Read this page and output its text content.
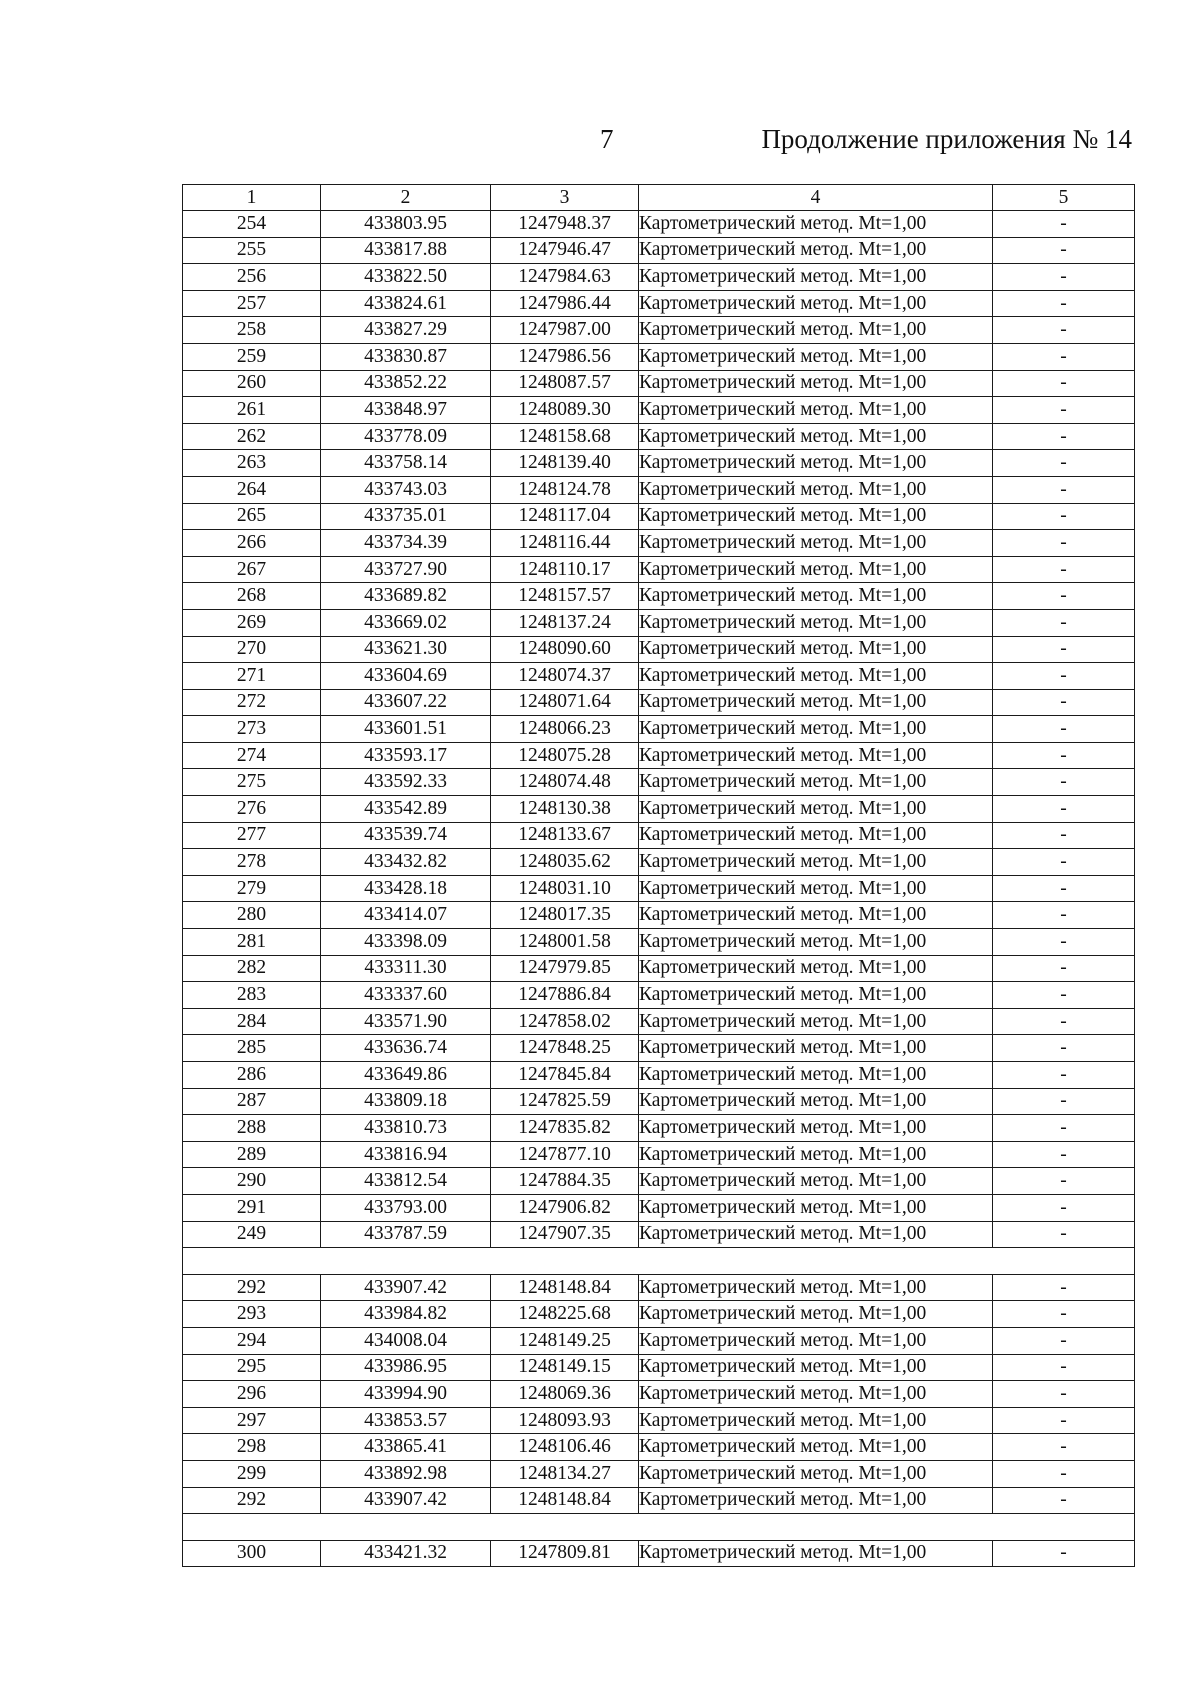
7	Продолжение приложения № 14
1	2	3	4	5
254	433803.95	1247948.37	Картометрический метод. Mt=1,00	-
255	433817.88	1247946.47	Картометрический метод. Mt=1,00	-
256	433822.50	1247984.63	Картометрический метод. Mt=1,00	-
257	433824.61	1247986.44	Картометрический метод. Mt=1,00	-
258	433827.29	1247987.00	Картометрический метод. Mt=1,00	-
259	433830.87	1247986.56	Картометрический метод. Mt=1,00	-
260	433852.22	1248087.57	Картометрический метод. Mt=1,00	-
261	433848.97	1248089.30	Картометрический метод. Mt=1,00	-
262	433778.09	1248158.68	Картометрический метод. Mt=1,00	-
263	433758.14	1248139.40	Картометрический метод. Mt=1,00	-
264	433743.03	1248124.78	Картометрический метод. Mt=1,00	-
265	433735.01	1248117.04	Картометрический метод. Mt=1,00	-
266	433734.39	1248116.44	Картометрический метод. Mt=1,00	-
267	433727.90	1248110.17	Картометрический метод. Mt=1,00	-
268	433689.82	1248157.57	Картометрический метод. Mt=1,00	-
269	433669.02	1248137.24	Картометрический метод. Mt=1,00	-
270	433621.30	1248090.60	Картометрический метод. Mt=1,00	-
271	433604.69	1248074.37	Картометрический метод. Mt=1,00	-
272	433607.22	1248071.64	Картометрический метод. Mt=1,00	-
273	433601.51	1248066.23	Картометрический метод. Mt=1,00	-
274	433593.17	1248075.28	Картометрический метод. Mt=1,00	-
275	433592.33	1248074.48	Картометрический метод. Mt=1,00	-
276	433542.89	1248130.38	Картометрический метод. Mt=1,00	-
277	433539.74	1248133.67	Картометрический метод. Mt=1,00	-
278	433432.82	1248035.62	Картометрический метод. Mt=1,00	-
279	433428.18	1248031.10	Картометрический метод. Mt=1,00	-
280	433414.07	1248017.35	Картометрический метод. Mt=1,00	-
281	433398.09	1248001.58	Картометрический метод. Mt=1,00	-
282	433311.30	1247979.85	Картометрический метод. Mt=1,00	-
283	433337.60	1247886.84	Картометрический метод. Mt=1,00	-
284	433571.90	1247858.02	Картометрический метод. Mt=1,00	-
285	433636.74	1247848.25	Картометрический метод. Mt=1,00	-
286	433649.86	1247845.84	Картометрический метод. Mt=1,00	-
287	433809.18	1247825.59	Картометрический метод. Mt=1,00	-
288	433810.73	1247835.82	Картометрический метод. Mt=1,00	-
289	433816.94	1247877.10	Картометрический метод. Mt=1,00	-
290	433812.54	1247884.35	Картометрический метод. Mt=1,00	-
291	433793.00	1247906.82	Картометрический метод. Mt=1,00	-
249	433787.59	1247907.35	Картометрический метод. Mt=1,00	-

292	433907.42	1248148.84	Картометрический метод. Mt=1,00	-
293	433984.82	1248225.68	Картометрический метод. Mt=1,00	-
294	434008.04	1248149.25	Картометрический метод. Mt=1,00	-
295	433986.95	1248149.15	Картометрический метод. Mt=1,00	-
296	433994.90	1248069.36	Картометрический метод. Mt=1,00	-
297	433853.57	1248093.93	Картометрический метод. Mt=1,00	-
298	433865.41	1248106.46	Картометрический метод. Mt=1,00	-
299	433892.98	1248134.27	Картометрический метод. Mt=1,00	-
292	433907.42	1248148.84	Картометрический метод. Mt=1,00	-

300	433421.32	1247809.81	Картометрический метод. Mt=1,00	-
